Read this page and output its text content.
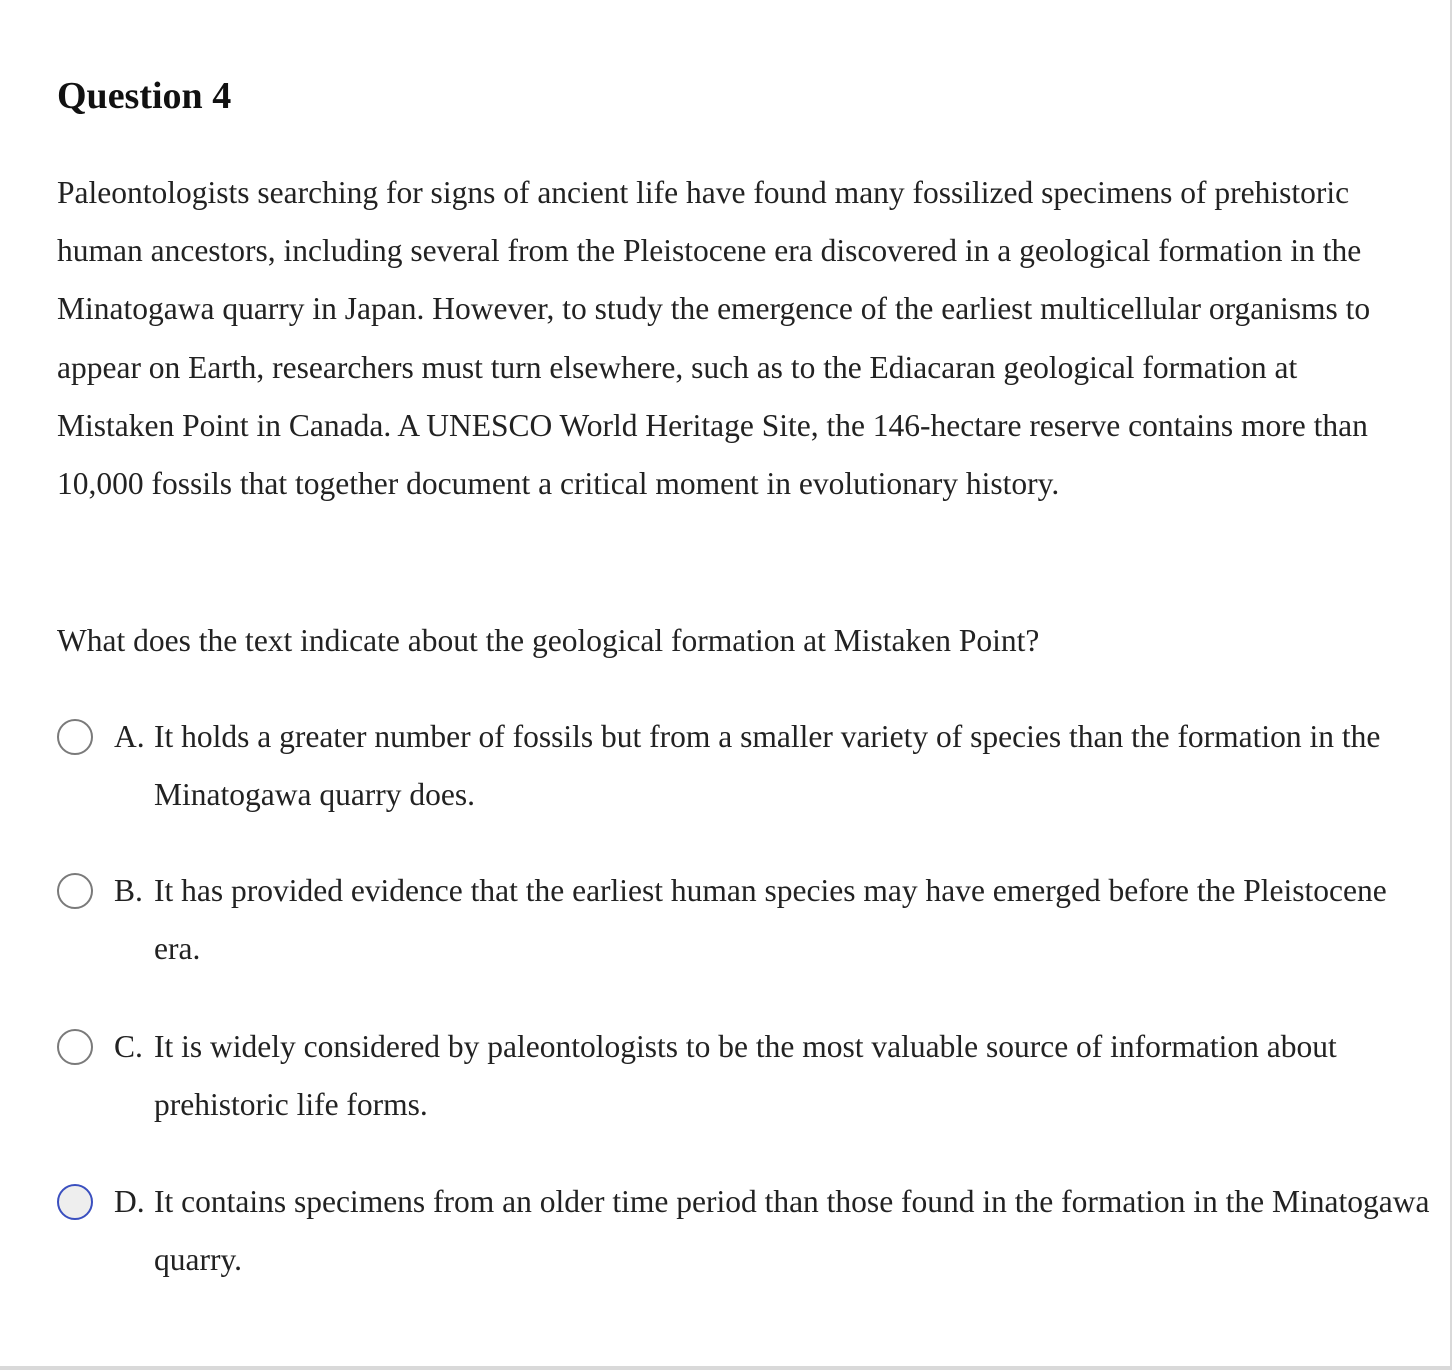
Question 4

Paleontologists searching for signs of ancient life have found many fossilized specimens of prehistoric human ancestors, including several from the Pleistocene era discovered in a geological formation in the Minatogawa quarry in Japan. However, to study the emergence of the earliest multicellular organisms to appear on Earth, researchers must turn elsewhere, such as to the Ediacaran geological formation at Mistaken Point in Canada. A UNESCO World Heritage Site, the 146-hectare reserve contains more than 10,000 fossils that together document a critical moment in evolutionary history.

What does the text indicate about the geological formation at Mistaken Point?

A. It holds a greater number of fossils but from a smaller variety of species than the formation in the Minatogawa quarry does.
B. It has provided evidence that the earliest human species may have emerged before the Pleistocene era.
C. It is widely considered by paleontologists to be the most valuable source of information about prehistoric life forms.
D. It contains specimens from an older time period than those found in the formation in the Minatogawa quarry.
